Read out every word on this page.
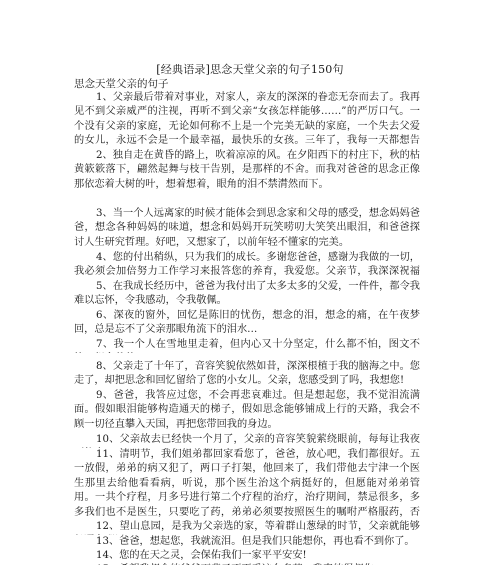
[经典语录]思念天堂父亲的句子150句
思念天堂父亲的句子

1、父亲最后带着对事业，对家人，亲友的深深的眷恋无奈而去了。我再见不到父亲威严的注视，再听不到父亲“女孩怎样能够……”的严厉口气。一个没有父亲的家庭，无论如何称不上是一个完美无缺的家庭，一个失去父爱的女儿，永远不会是一个最幸福，最快乐的女孩。三年了，我每一天都想告

2、独自走在黄昏的路上，吹着凉凉的风。在夕阳西下的村庄下，秋的枯黄簌簌落下，翩然起舞与枝干告别，是那样的不舍。而我对爸爸的思念正像那依恋着大树的叶，想着想着，眼角的泪不禁潸然而下。

3、当一个人远离家的时候才能体会到思念家和父母的感受，想念妈妈爸爸，想念各种妈妈的味道，想念和妈妈开玩笑唠叨大笑笑出眼泪，和爸爸探讨人生研究哲理。好吧，又想家了，以前年轻不懂家的完美。

4、您的付出稍纵，只为我们的成长。多谢您爸爸，感谢为我做的一切，我必须会加倍努力工作学习来报答您的养育，我爱您。父亲节，我深深祝福

5、在我成长经历中，爸爸为我付出了太多太多的父爱，一件件，都令我难以忘怀，令我感动，令我敬佩。

6、深夜的窗外，回忆是陈旧的忧伤，想念的泪，想念的痛，在午夜梦回，总是忘不了父亲那眼角流下的泪水…

7、我一个人在雪地里走着，但内心又十分坚定，什么都不怕，图文不

8、父亲走了十年了，音容笑貌依然如昔，深深根植于我的脑海之中。您走了，却把思念和回忆留给了您的小女儿。父亲，您感受到了吗，我想您!

9、爸爸，我答应过您，不会再悲哀难过。但是想起您，我不觉泪流满面。假如眼泪能够构造通天的梯子，假如思念能够铺成上行的天路，我会不顾一切径直攀入天国，再把您带回我的身边。

10、父亲故去已经快一个月了，父亲的音容笑貌萦绕眼前，每每让我夜

11、清明节，我们姐弟都回家看您了，爸爸，放心吧，我们都很好。五一放假，弟弟的病又犯了，两口子打架，他回来了，我们带他去宁津一个医生那里去给他看看病，听说，那个医生治这个病挺好的，但愿能对弟弟管用。一共个疗程，月多号进行第二个疗程的治疗，治疗期间，禁忌很多，多多我们也不是医生，只要吃了药，弟弟必须要按照医生的嘱咐严格服药，否

12、望山息园，是我为父亲选的家，等着群山葱绿的时节，父亲就能够

13、爸爸，想起您，我就流泪。但是我们只能想你，再也看不到你了。

14、您的在天之灵，会保佑我们一家平平安安!
